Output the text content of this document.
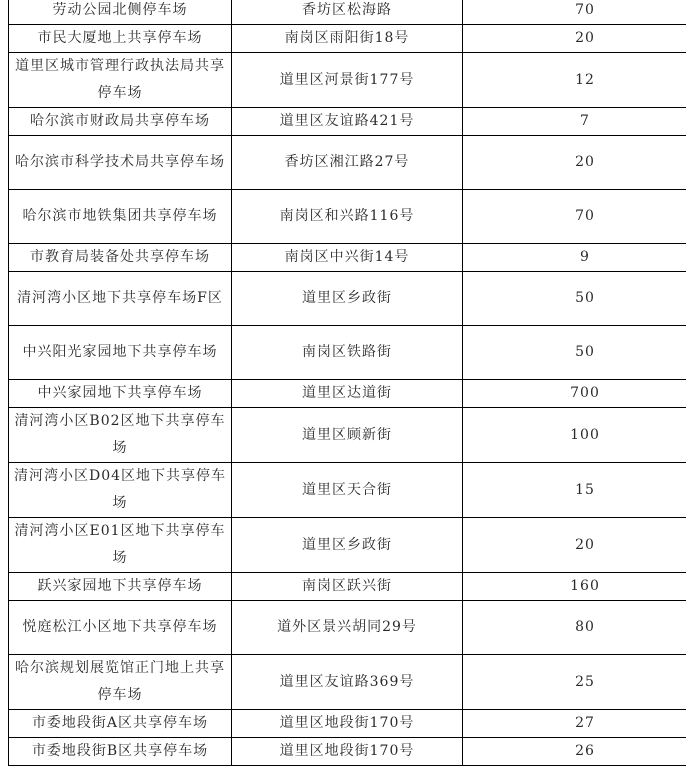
劳动公园北侧停车场	香坊区松海路	70
市民大厦地上共享停车场	南岗区雨阳街18号	20
道里区城市管理行政执法局共享停车场	道里区河景街177号	12
哈尔滨市财政局共享停车场	道里区友谊路421号	7
哈尔滨市科学技术局共享停车场	香坊区湘江路27号	20
哈尔滨市地铁集团共享停车场	南岗区和兴路116号	70
市教育局装备处共享停车场	南岗区中兴街14号	9
清河湾小区地下共享停车场F区	道里区乡政街	50
中兴阳光家园地下共享停车场	南岗区铁路街	50
中兴家园地下共享停车场	道里区达道街	700
清河湾小区B02区地下共享停车场	道里区顾新街	100
清河湾小区D04区地下共享停车场	道里区天合街	15
清河湾小区E01区地下共享停车场	道里区乡政街	20
跃兴家园地下共享停车场	南岗区跃兴街	160
悦庭松江小区地下共享停车场	道外区景兴胡同29号	80
哈尔滨规划展览馆正门地上共享停车场	道里区友谊路369号	25
市委地段街A区共享停车场	道里区地段街170号	27
市委地段街B区共享停车场	道里区地段街170号	26
